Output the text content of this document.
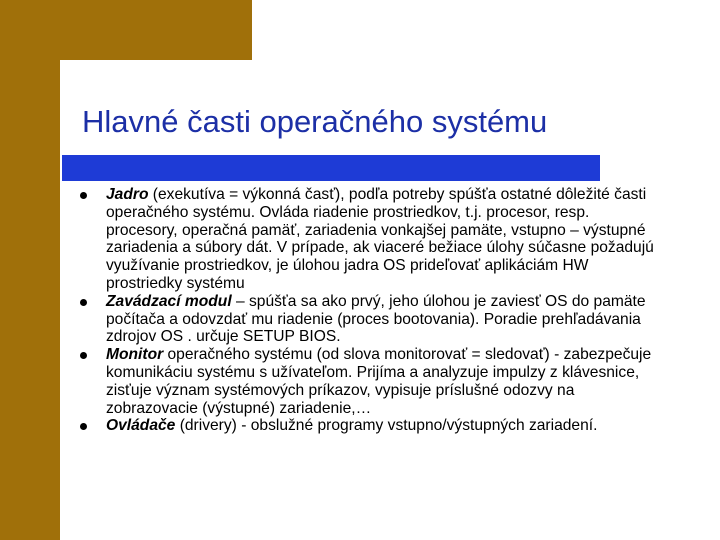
Hlavné časti operačného systému
Jadro (exekutíva = výkonná časť), podľa potreby spúšťa ostatné dôležité časti operačného systému. Ovláda riadenie prostriedkov, t.j. procesor, resp. procesory, operačná pamäť, zariadenia vonkajšej pamäte, vstupno – výstupné zariadenia a súbory dát. V prípade, ak viaceré bežiace úlohy súčasne požadujú využívanie prostriedkov, je úlohou jadra OS prideľovať aplikáciám HW prostriedky systému
Zavádzací modul – spúšťa sa ako prvý, jeho úlohou je zaviesť OS do pamäte počítača a odovzdať mu riadenie (proces bootovania). Poradie prehľadávania zdrojov OS . určuje SETUP BIOS.
Monitor operačného systému (od slova monitorovať = sledovať) - zabezpečuje komunikáciu systému s užívateľom. Prijíma a analyzuje impulzy z klávesnice, zisťuje význam systémových príkazov, vypisuje príslušné odozvy na zobrazovacie (výstupné) zariadenie,…
Ovládače (drivery) - obslužné programy vstupno/výstupných zariadení.
